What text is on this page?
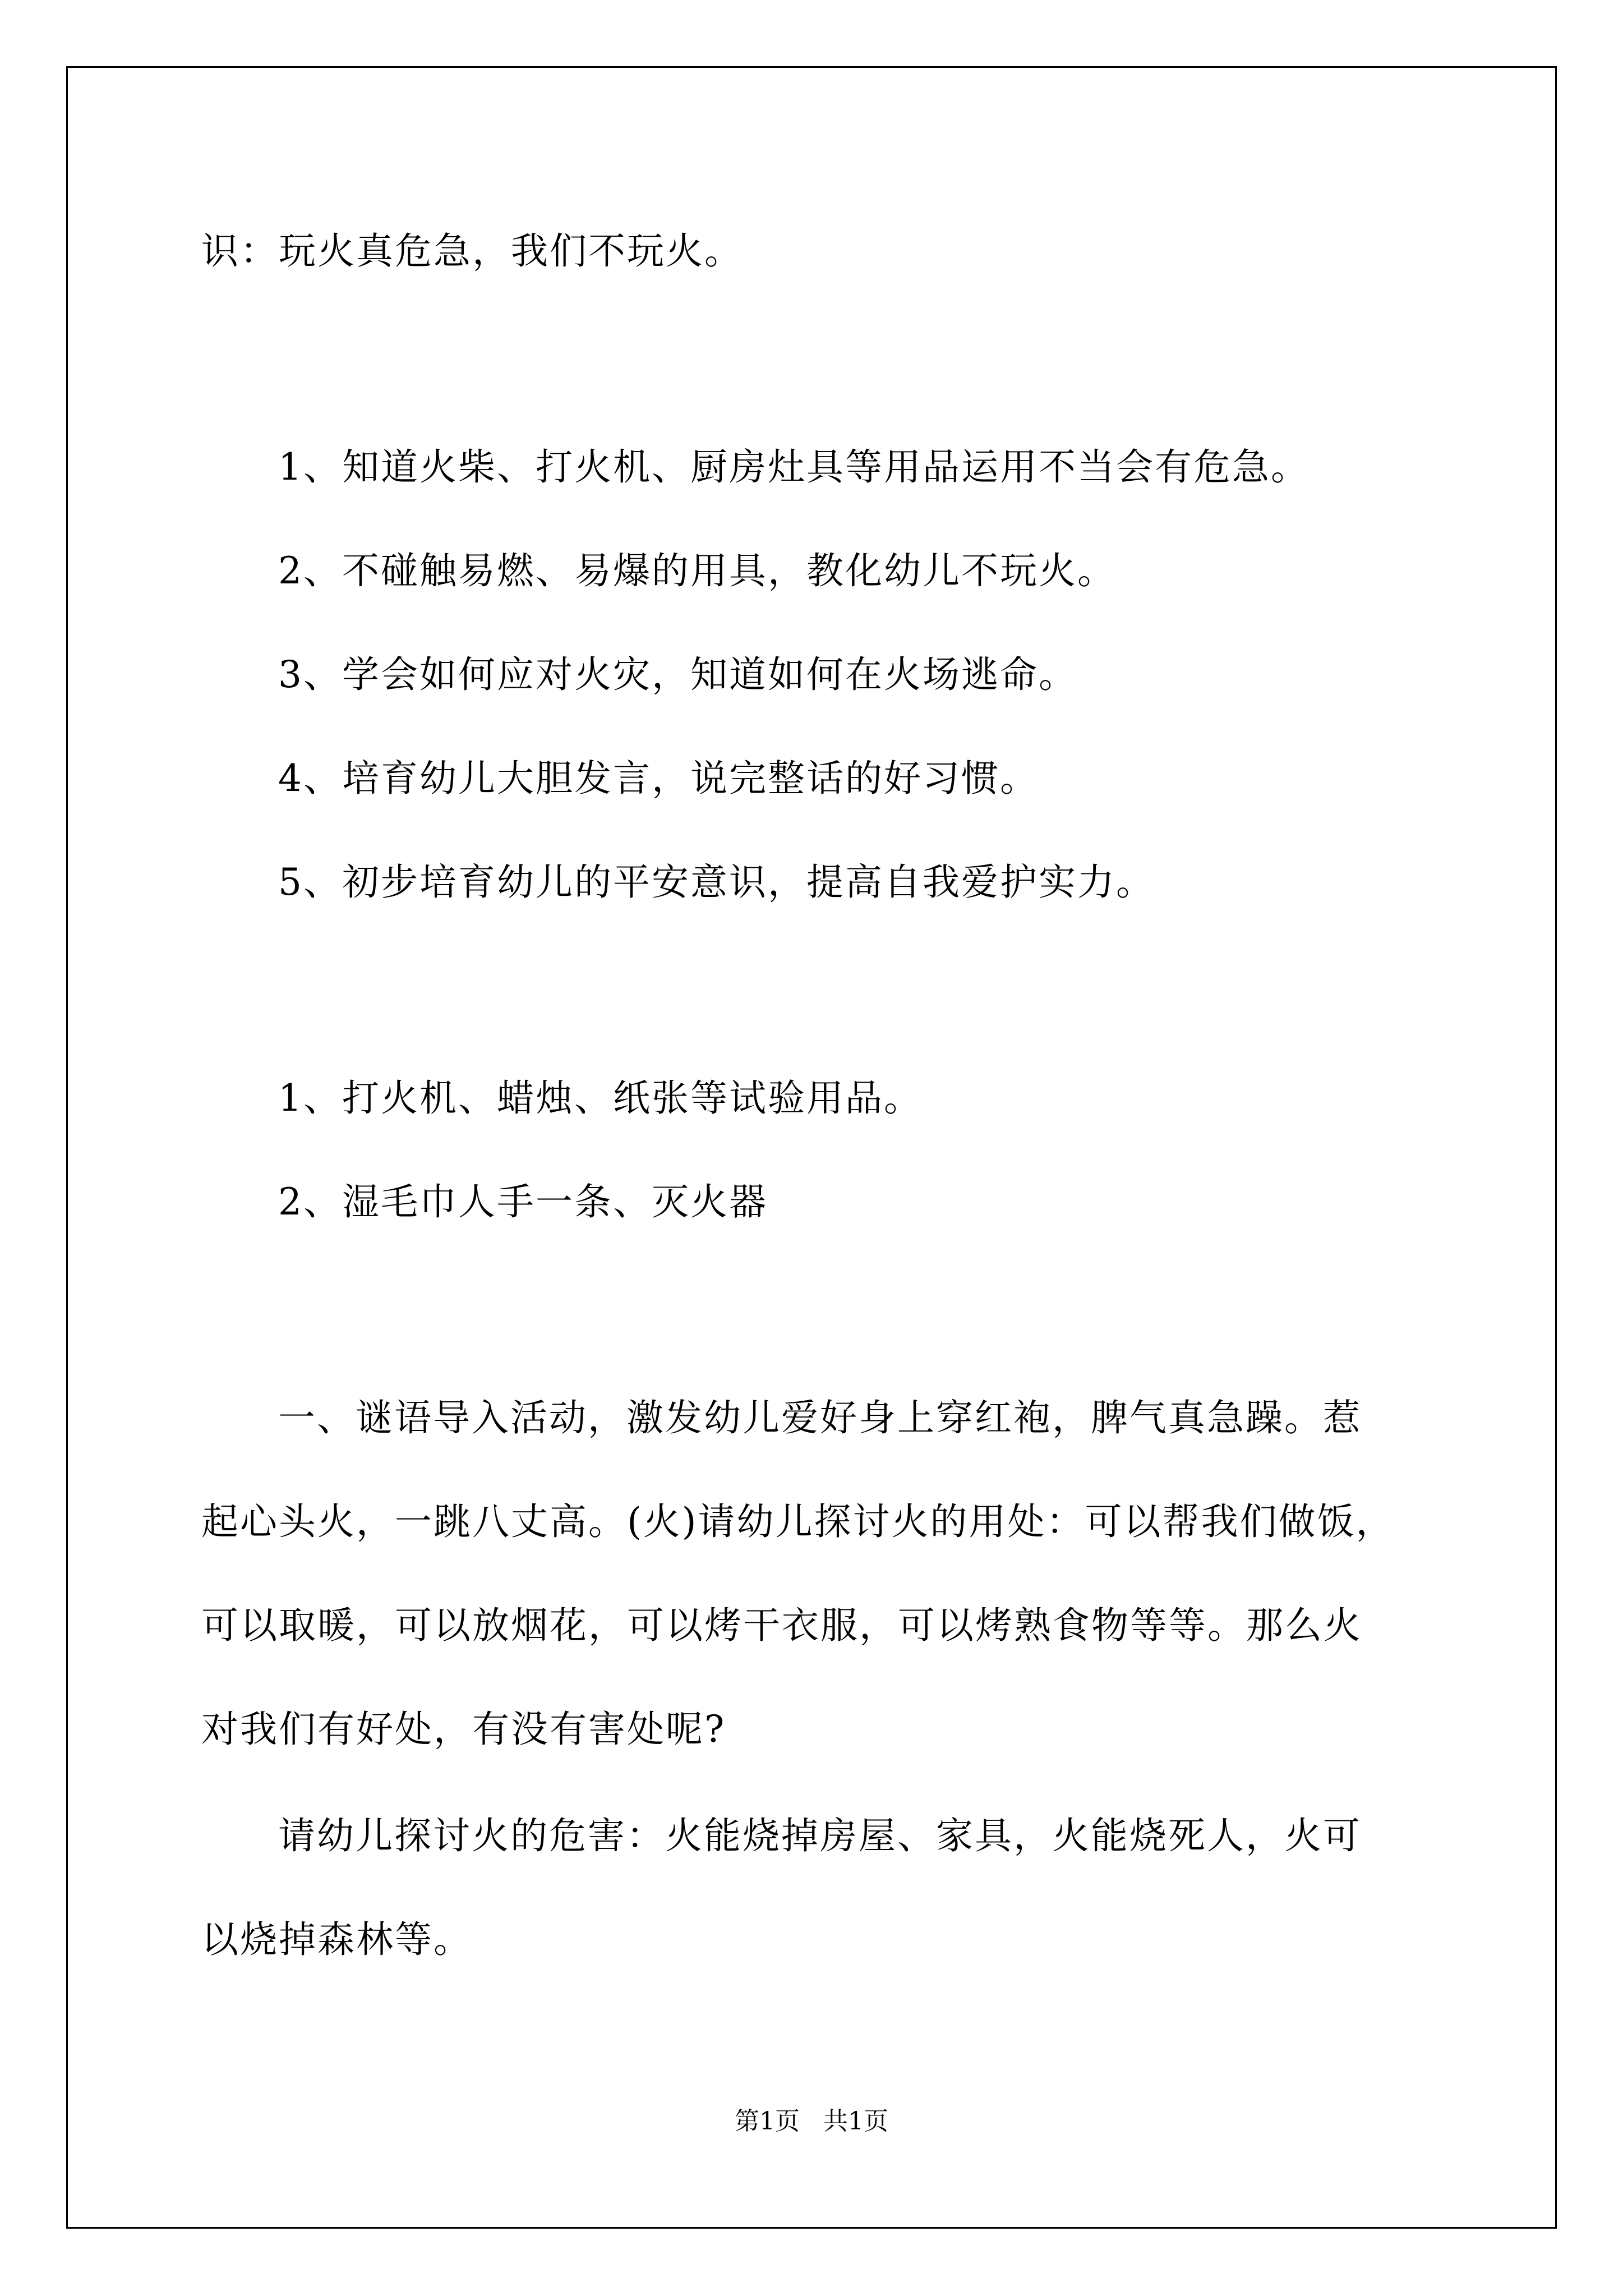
识：玩火真危急，我们不玩火。
1、知道火柴、打火机、厨房灶具等用品运用不当会有危急。
2、不碰触易燃、易爆的用具，教化幼儿不玩火。
3、学会如何应对火灾，知道如何在火场逃命。
4、培育幼儿大胆发言，说完整话的好习惯。
5、初步培育幼儿的平安意识，提高自我爱护实力。
1、打火机、蜡烛、纸张等试验用品。
2、湿毛巾人手一条、灭火器
一、谜语导入活动，激发幼儿爱好身上穿红袍，脾气真急躁。惹
起心头火，一跳八丈高。(火)请幼儿探讨火的用处：可以帮我们做饭，
可以取暖，可以放烟花，可以烤干衣服，可以烤熟食物等等。那么火
对我们有好处，有没有害处呢?
请幼儿探讨火的危害：火能烧掉房屋、家具，火能烧死人，火可
以烧掉森林等。
第1页   共1页
